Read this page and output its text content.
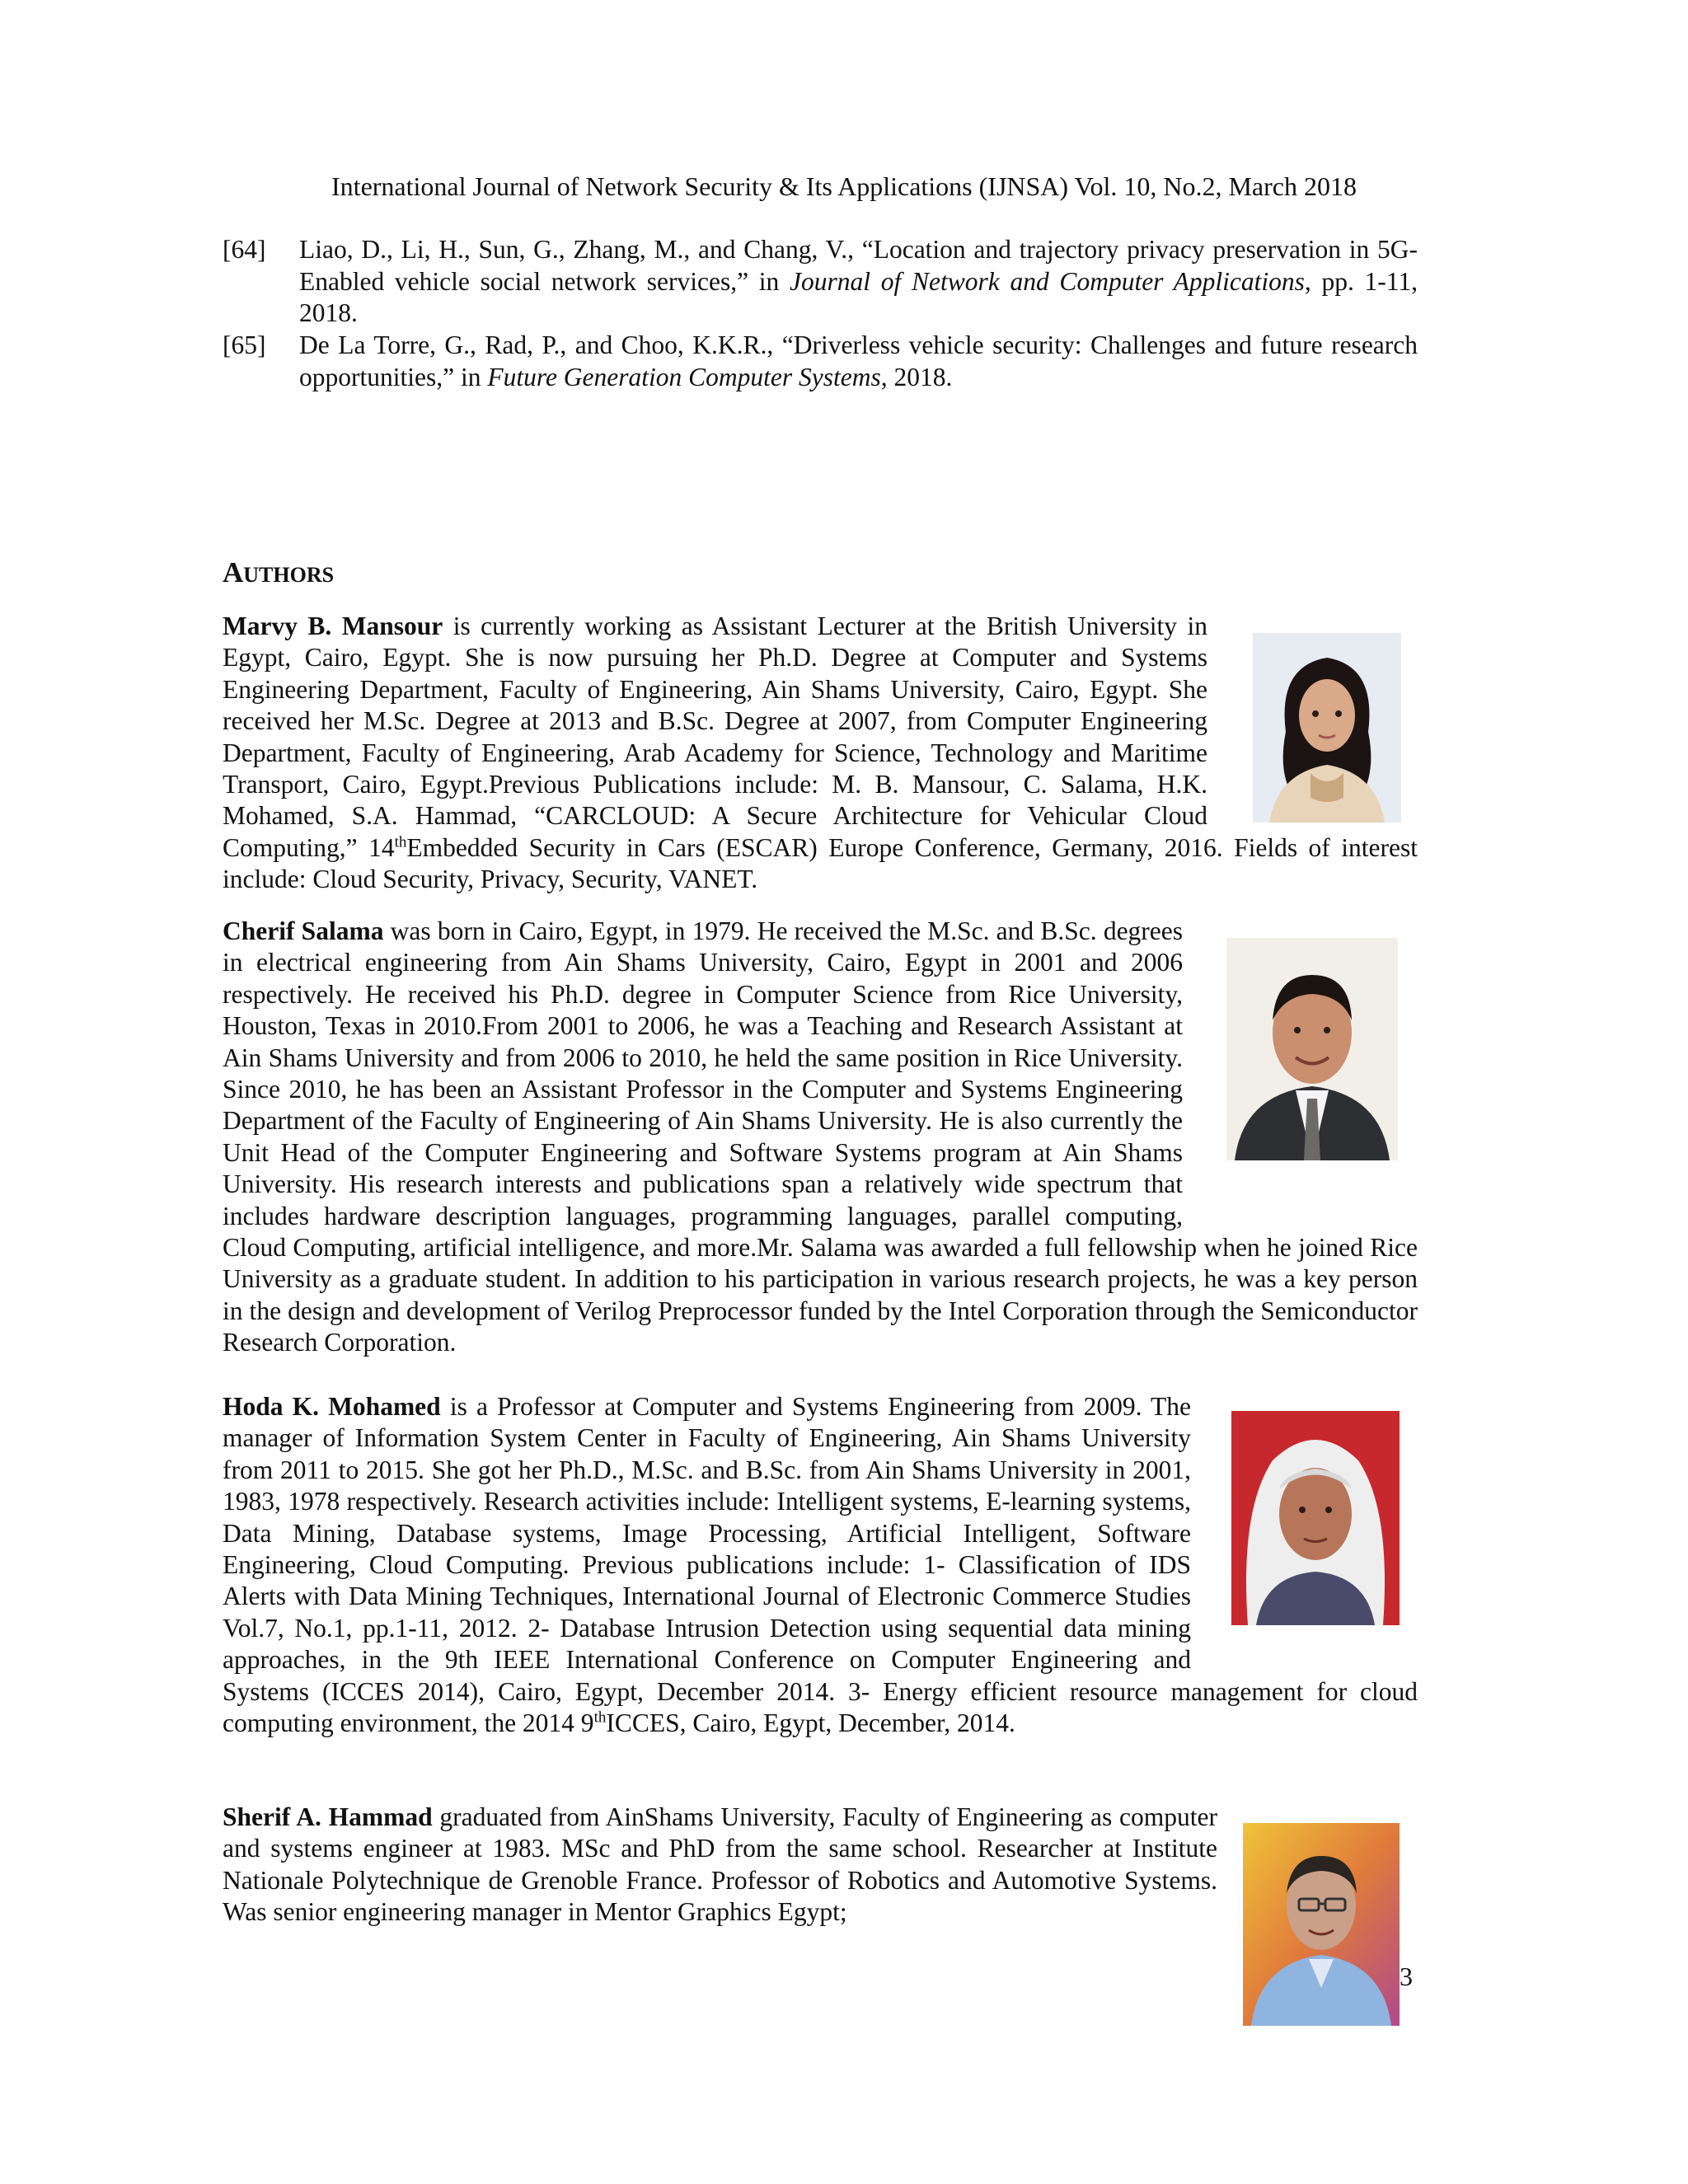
International Journal of Network Security & Its Applications (IJNSA) Vol. 10, No.2, March 2018
[64] Liao, D., Li, H., Sun, G., Zhang, M., and Chang, V., “Location and trajectory privacy preservation in 5G-Enabled vehicle social network services,” in Journal of Network and Computer Applications, pp. 1-11, 2018.
[65] De La Torre, G., Rad, P., and Choo, K.K.R., “Driverless vehicle security: Challenges and future research opportunities,” in Future Generation Computer Systems, 2018.
AUTHORS

Marvy B. Mansour is currently working as Assistant Lecturer at the British University in Egypt, Cairo, Egypt. She is now pursuing her Ph.D. Degree at Computer and Systems Engineering Department, Faculty of Engineering, Ain Shams University, Cairo, Egypt. She received her M.Sc. Degree at 2013 and B.Sc. Degree at 2007, from Computer Engineering Department, Faculty of Engineering, Arab Academy for Science, Technology and Maritime Transport, Cairo, Egypt.Previous Publications include: M. B. Mansour, C. Salama, H.K. Mohamed, S.A. Hammad, “CARCLOUD: A Secure Architecture for Vehicular Cloud Computing,” 14thEmbedded Security in Cars (ESCAR) Europe Conference, Germany, 2016. Fields of interest include: Cloud Security, Privacy, Security, VANET.

Cherif Salama was born in Cairo, Egypt, in 1979. He received the M.Sc. and B.Sc. degrees in electrical engineering from Ain Shams University, Cairo, Egypt in 2001 and 2006 respectively. He received his Ph.D. degree in Computer Science from Rice University, Houston, Texas in 2010.From 2001 to 2006, he was a Teaching and Research Assistant at Ain Shams University and from 2006 to 2010, he held the same position in Rice University. Since 2010, he has been an Assistant Professor in the Computer and Systems Engineering Department of the Faculty of Engineering of Ain Shams University. He is also currently the Unit Head of the Computer Engineering and Software Systems program at Ain Shams University. His research interests and publications span a relatively wide spectrum that includes hardware description languages, programming languages, parallel computing, Cloud Computing, artificial intelligence, and more.Mr. Salama was awarded a full fellowship when he joined Rice University as a graduate student. In addition to his participation in various research projects, he was a key person in the design and development of Verilog Preprocessor funded by the Intel Corporation through the Semiconductor Research Corporation.

Hoda K. Mohamed is a Professor at Computer and Systems Engineering from 2009. The manager of Information System Center in Faculty of Engineering, Ain Shams University from 2011 to 2015. She got her Ph.D., M.Sc. and B.Sc. from Ain Shams University in 2001, 1983, 1978 respectively. Research activities include: Intelligent systems, E-learning systems, Data Mining, Database systems, Image Processing, Artificial Intelligent, Software Engineering, Cloud Computing. Previous publications include: 1- Classification of IDS Alerts with Data Mining Techniques, International Journal of Electronic Commerce Studies Vol.7, No.1, pp.1-11, 2012. 2- Database Intrusion Detection using sequential data mining approaches, in the 9th IEEE International Conference on Computer Engineering and Systems (ICCES 2014), Cairo, Egypt, December 2014. 3- Energy efficient resource management for cloud computing environment, the 2014 9thICCES, Cairo, Egypt, December, 2014.

Sherif A. Hammad graduated from AinShams University, Faculty of Engineering as computer and systems engineer at 1983. MSc and PhD from the same school. Researcher at Institute Nationale Polytechnique de Grenoble France. Professor of Robotics and Automotive Systems. Was senior engineering manager in Mentor Graphics Egypt;

3
